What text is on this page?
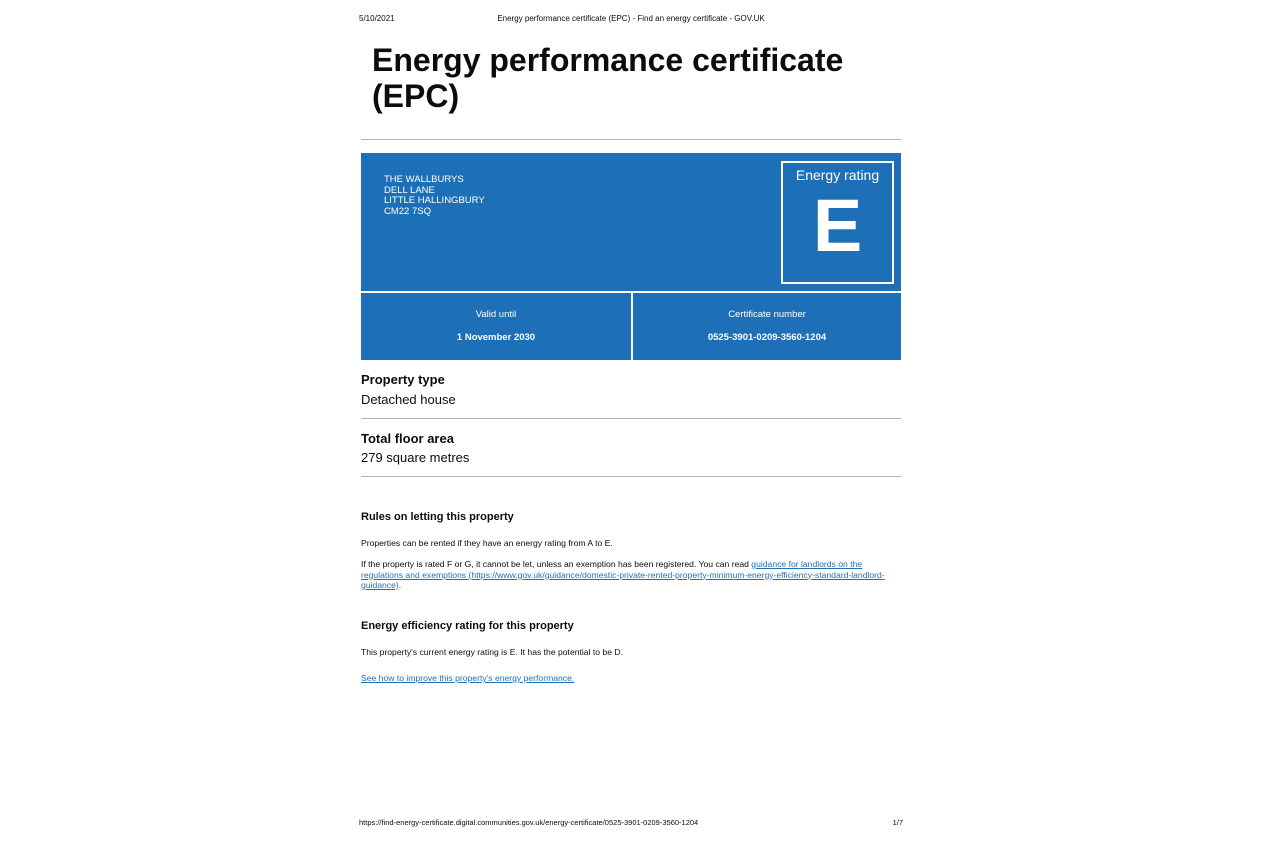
5/10/2021	Energy performance certificate (EPC) - Find an energy certificate - GOV.UK
Energy performance certificate (EPC)
THE WALLBURYS
DELL LANE
LITTLE HALLINGBURY
CM22 7SQ
Energy rating
E
Valid until
1 November 2030
Certificate number
0525-3901-0209-3560-1204
Property type
Detached house
Total floor area
279 square metres
Rules on letting this property
Properties can be rented if they have an energy rating from A to E.
If the property is rated F or G, it cannot be let, unless an exemption has been registered. You can read guidance for landlords on the regulations and exemptions (https://www.gov.uk/guidance/domestic-private-rented-property-minimum-energy-efficiency-standard-landlord-guidance).
Energy efficiency rating for this property
This property's current energy rating is E. It has the potential to be D.
See how to improve this property's energy performance.
https://find-energy-certificate.digital.communities.gov.uk/energy-certificate/0525-3901-0209-3560-1204	1/7
